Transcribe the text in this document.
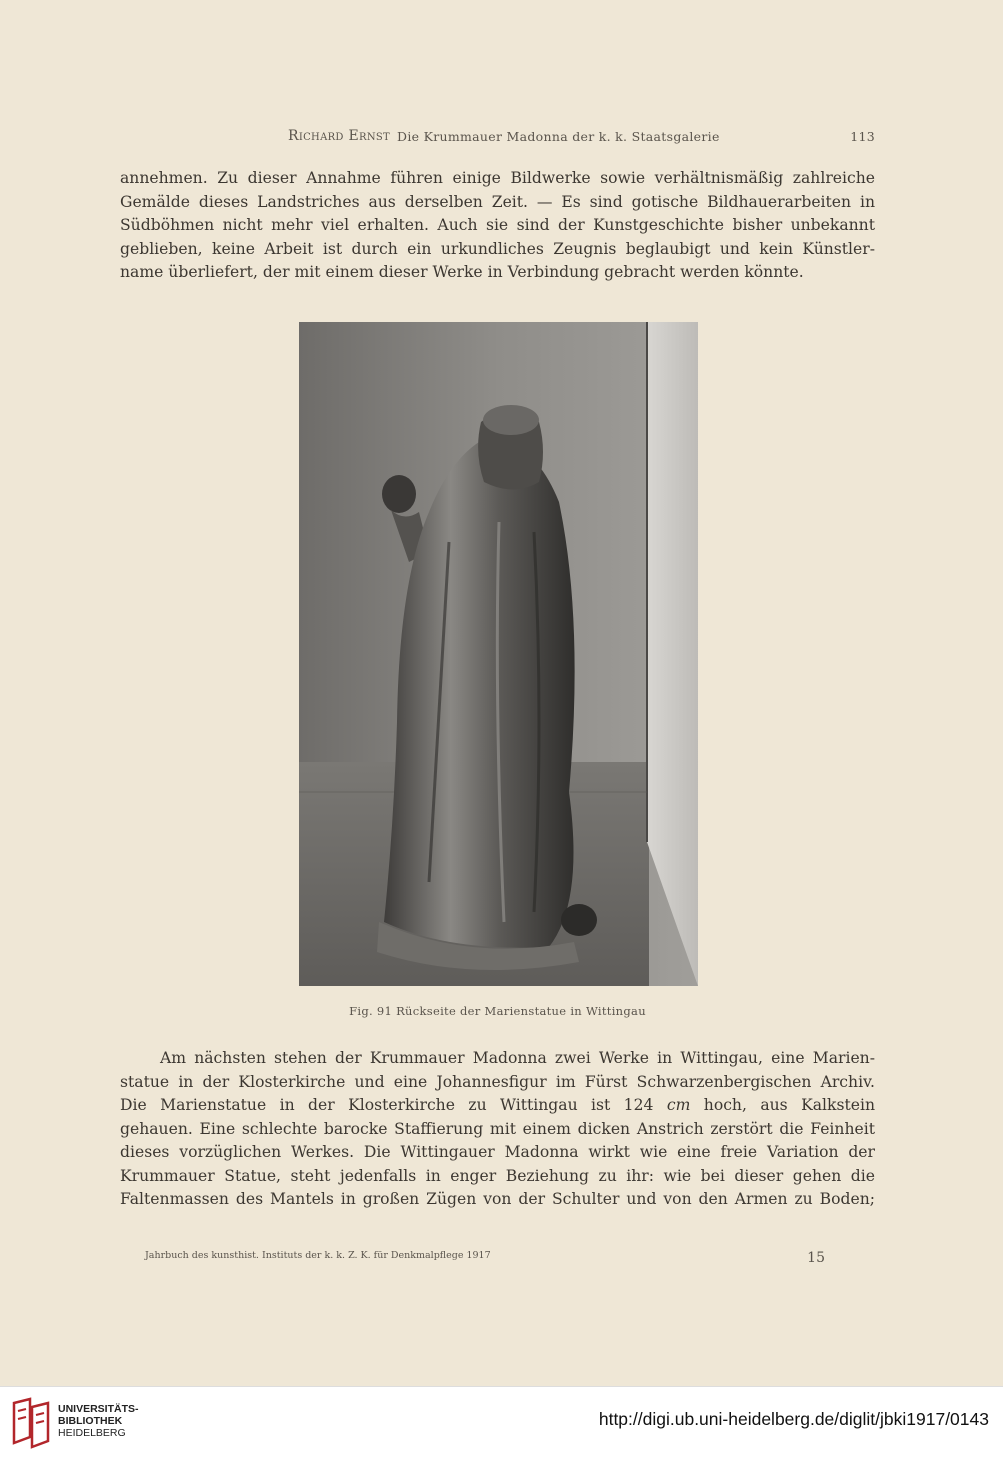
Richard Ernst Die Krummauer Madonna der k. k. Staatsgalerie	113
annehmen. Zu dieser Annahme führen einige Bildwerke sowie verhältnismäßig zahlreiche
Gemälde dieses Landstriches aus derselben Zeit. — Es sind gotische Bildhauerarbeiten in
Südböhmen nicht mehr viel erhalten. Auch sie sind der Kunstgeschichte bisher unbekannt
geblieben, keine Arbeit ist durch ein urkundliches Zeugnis beglaubigt und kein Künstler-
name überliefert, der mit einem dieser Werke in Verbindung gebracht werden könnte.
Fig. 91 Rückseite der Marienstatue in Wittingau
Am nächsten stehen der Krummauer Madonna zwei Werke in Wittingau, eine Marien-
statue in der Klosterkirche und eine Johannesfigur im Fürst Schwarzenbergischen Archiv.
Die Marienstatue in der Klosterkirche zu Wittingau ist 124 cm hoch, aus Kalkstein
gehauen. Eine schlechte barocke Staffierung mit einem dicken Anstrich zerstört die Feinheit
dieses vorzüglichen Werkes. Die Wittingauer Madonna wirkt wie eine freie Variation der
Krummauer Statue, steht jedenfalls in enger Beziehung zu ihr: wie bei dieser gehen die
Faltenmassen des Mantels in großen Zügen von der Schulter und von den Armen zu Boden;
Jahrbuch des kunsthist. Instituts der k. k. Z. K. für Denkmalpflege 1917	15
UNIVERSITÄTS-
BIBLIOTHEK
HEIDELBERG
http://digi.ub.uni-heidelberg.de/diglit/jbki1917/0143
